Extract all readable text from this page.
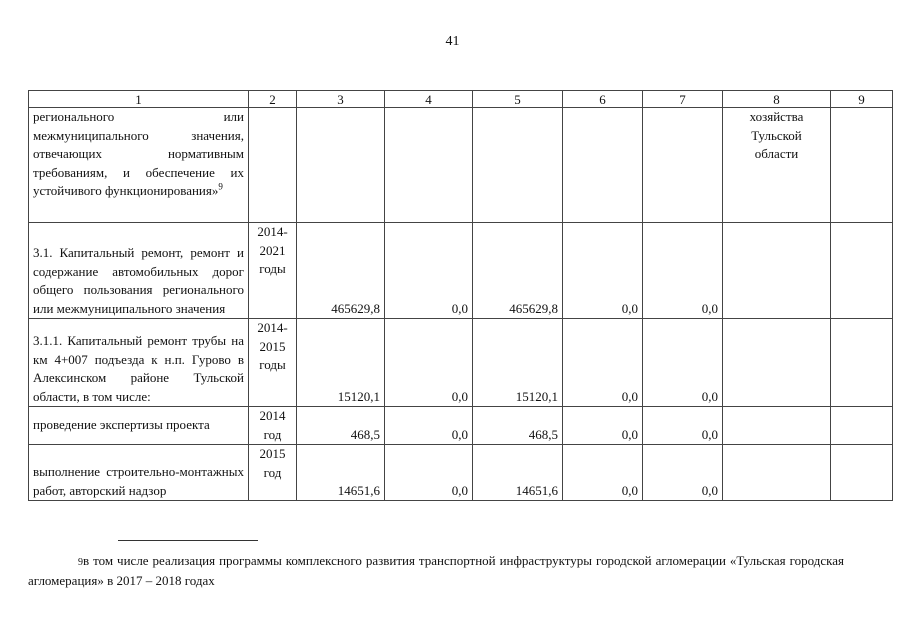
41
1	2	3	4	5	6	7	8	9
регионального или межмуниципального значения, отвечающих нормативным требованиям, и обеспечение их устойчивого функционирования»$^9$							хозяйства Тульской области	
3.1. Капитальный ремонт, ремонт и содержание автомобильных дорог общего пользования регионального или межмуниципального значения	2014-2021 годы	465629,8	0,0	465629,8	0,0	0,0		
3.1.1. Капитальный ремонт трубы на км 4+007 подъезда к н.п. Гурово в Алексинском районе Тульской области, в том числе:	2014-2015 годы	15120,1	0,0	15120,1	0,0	0,0		
проведение экспертизы проекта	2014 год	468,5	0,0	468,5	0,0	0,0		
выполнение строительно-монтажных работ, авторский надзор	2015 год	14651,6	0,0	14651,6	0,0	0,0		
9в том числе реализация программы комплексного развития транспортной инфраструктуры городской агломерации «Тульская городская агломерация» в 2017 – 2018 годах
